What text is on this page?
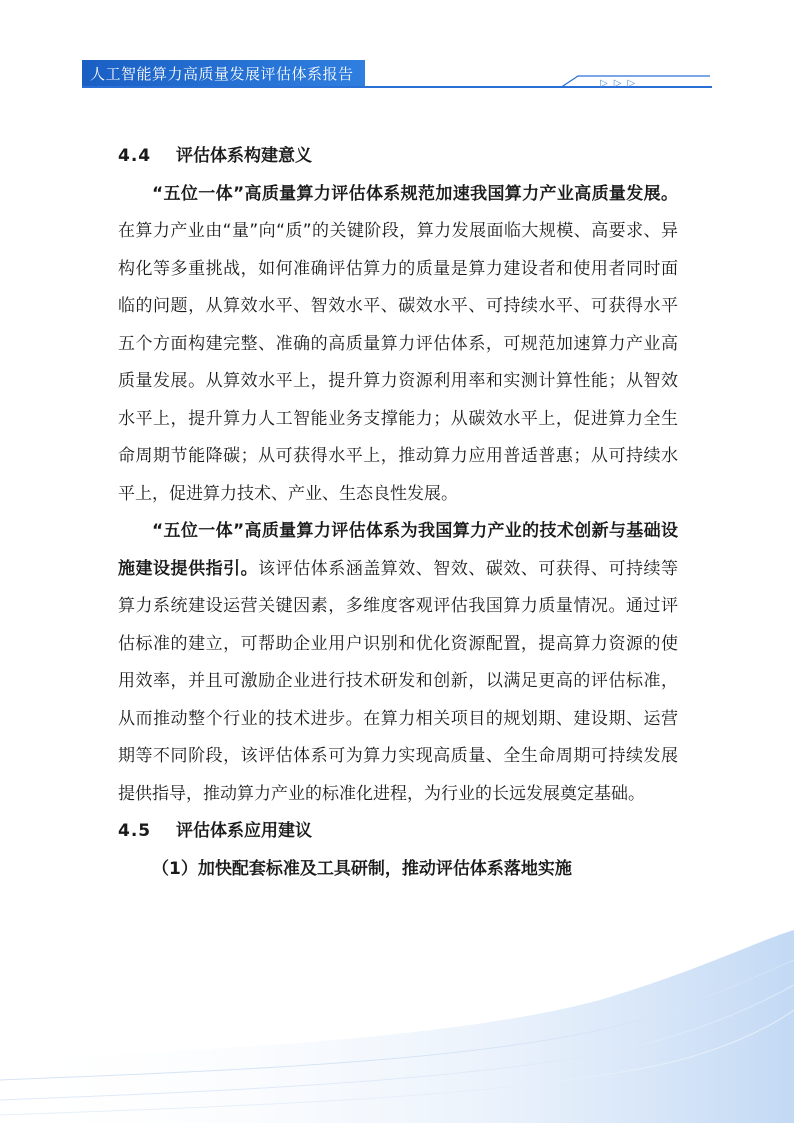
人工智能算力高质量发展评估体系报告
▷▷▷
4.4 评估体系构建意义

“五位一体”高质量算力评估体系规范加速我国算力产业高质量发展。在算力产业由“量”向“质”的关键阶段，算力发展面临大规模、高要求、异构化等多重挑战，如何准确评估算力的质量是算力建设者和使用者同时面临的问题，从算效水平、智效水平、碳效水平、可持续水平、可获得水平五个方面构建完整、准确的高质量算力评估体系，可规范加速算力产业高质量发展。从算效水平上，提升算力资源利用率和实测计算性能；从智效水平上，提升算力人工智能业务支撑能力；从碳效水平上，促进算力全生命周期节能降碳；从可获得水平上，推动算力应用普适普惠；从可持续水平上，促进算力技术、产业、生态良性发展。

“五位一体”高质量算力评估体系为我国算力产业的技术创新与基础设施建设提供指引。该评估体系涵盖算效、智效、碳效、可获得、可持续等算力系统建设运营关键因素，多维度客观评估我国算力质量情况。通过评估标准的建立，可帮助企业用户识别和优化资源配置，提高算力资源的使用效率，并且可激励企业进行技术研发和创新，以满足更高的评估标准，从而推动整个行业的技术进步。在算力相关项目的规划期、建设期、运营期等不同阶段，该评估体系可为算力实现高质量、全生命周期可持续发展提供指导，推动算力产业的标准化进程，为行业的长远发展奠定基础。

4.5 评估体系应用建议

（1）加快配套标准及工具研制，推动评估体系落地实施
